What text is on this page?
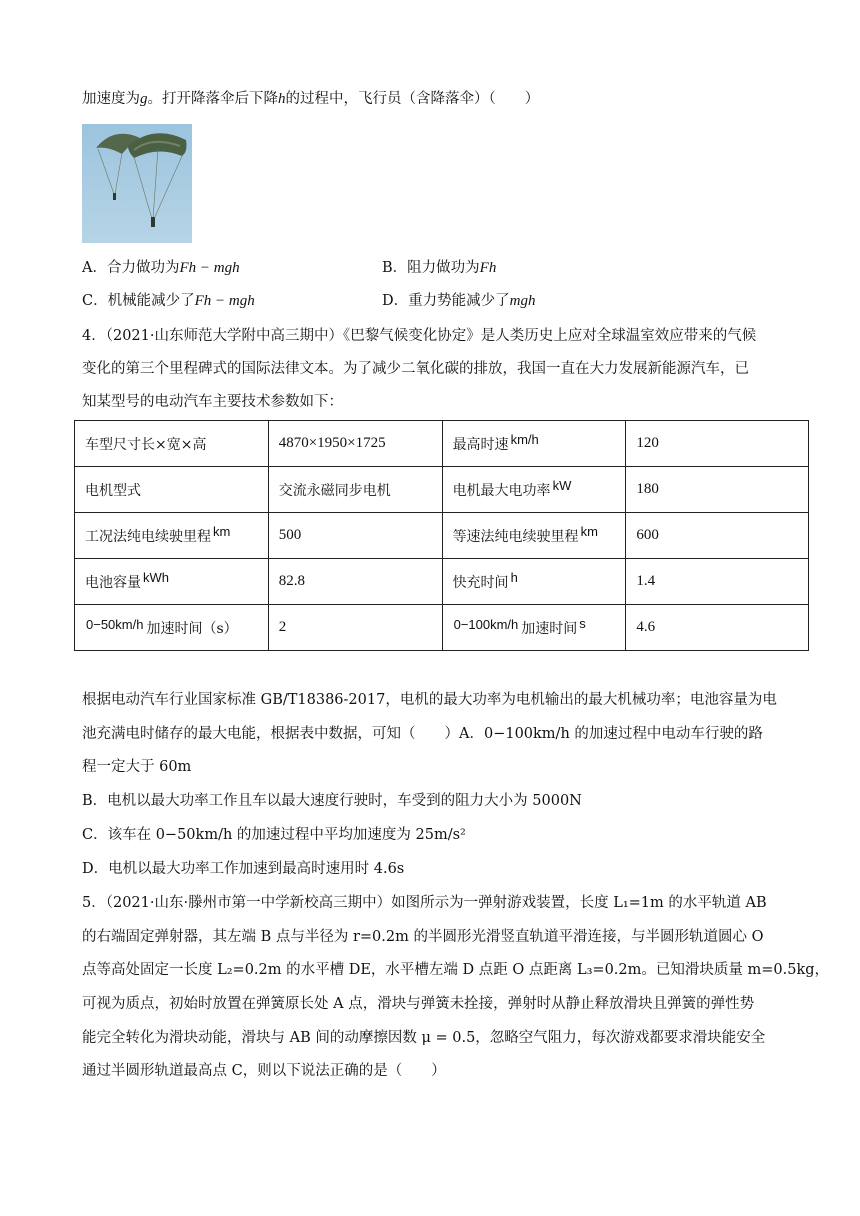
加速度为g。打开降落伞后下降h的过程中，飞行员（含降落伞）（　　）
A．合力做功为Fh − mgh	B．阻力做功为Fh
C．机械能减少了Fh − mgh	D．重力势能减少了mgh
4．（2021·山东师范大学附中高三期中）《巴黎气候变化协定》是人类历史上应对全球温室效应带来的气候
变化的第三个里程碑式的国际法律文本。为了减少二氧化碳的排放，我国一直在大力发展新能源汽车，已
知某型号的电动汽车主要技术参数如下：
车型尺寸长×宽×高	4870×1950×1725	最高时速 km/h	120
电机型式	交流永磁同步电机	电机最大电功率 kW	180
工况法纯电续驶里程 km	500	等速法纯电续驶里程 km	600
电池容量 kWh	82.8	快充时间 h	1.4
0−50km/h 加速时间（s）	2	0−100km/h 加速时间 s	4.6
根据电动汽车行业国家标准 GB/T18386-2017，电机的最大功率为电机输出的最大机械功率；电池容量为电
池充满电时储存的最大电能，根据表中数据，可知（　　）A．0−100km/h 的加速过程中电动车行驶的路
程一定大于 60m
B．电机以最大功率工作且车以最大速度行驶时，车受到的阻力大小为 5000N
C．该车在 0−50km/h 的加速过程中平均加速度为 25m/s²
D．电机以最大功率工作加速到最高时速用时 4.6s
5．（2021·山东·滕州市第一中学新校高三期中）如图所示为一弹射游戏装置，长度 L₁=1m 的水平轨道 AB
的右端固定弹射器，其左端 B 点与半径为 r=0.2m 的半圆形光滑竖直轨道平滑连接，与半圆形轨道圆心 O
点等高处固定一长度 L₂=0.2m 的水平槽 DE，水平槽左端 D 点距 O 点距离 L₃=0.2m。已知滑块质量 m=0.5kg，
可视为质点，初始时放置在弹簧原长处 A 点，滑块与弹簧未拴接，弹射时从静止释放滑块且弹簧的弹性势
能完全转化为滑块动能，滑块与 AB 间的动摩擦因数 μ = 0.5，忽略空气阻力，每次游戏都要求滑块能安全
通过半圆形轨道最高点 C，则以下说法正确的是（　　）
